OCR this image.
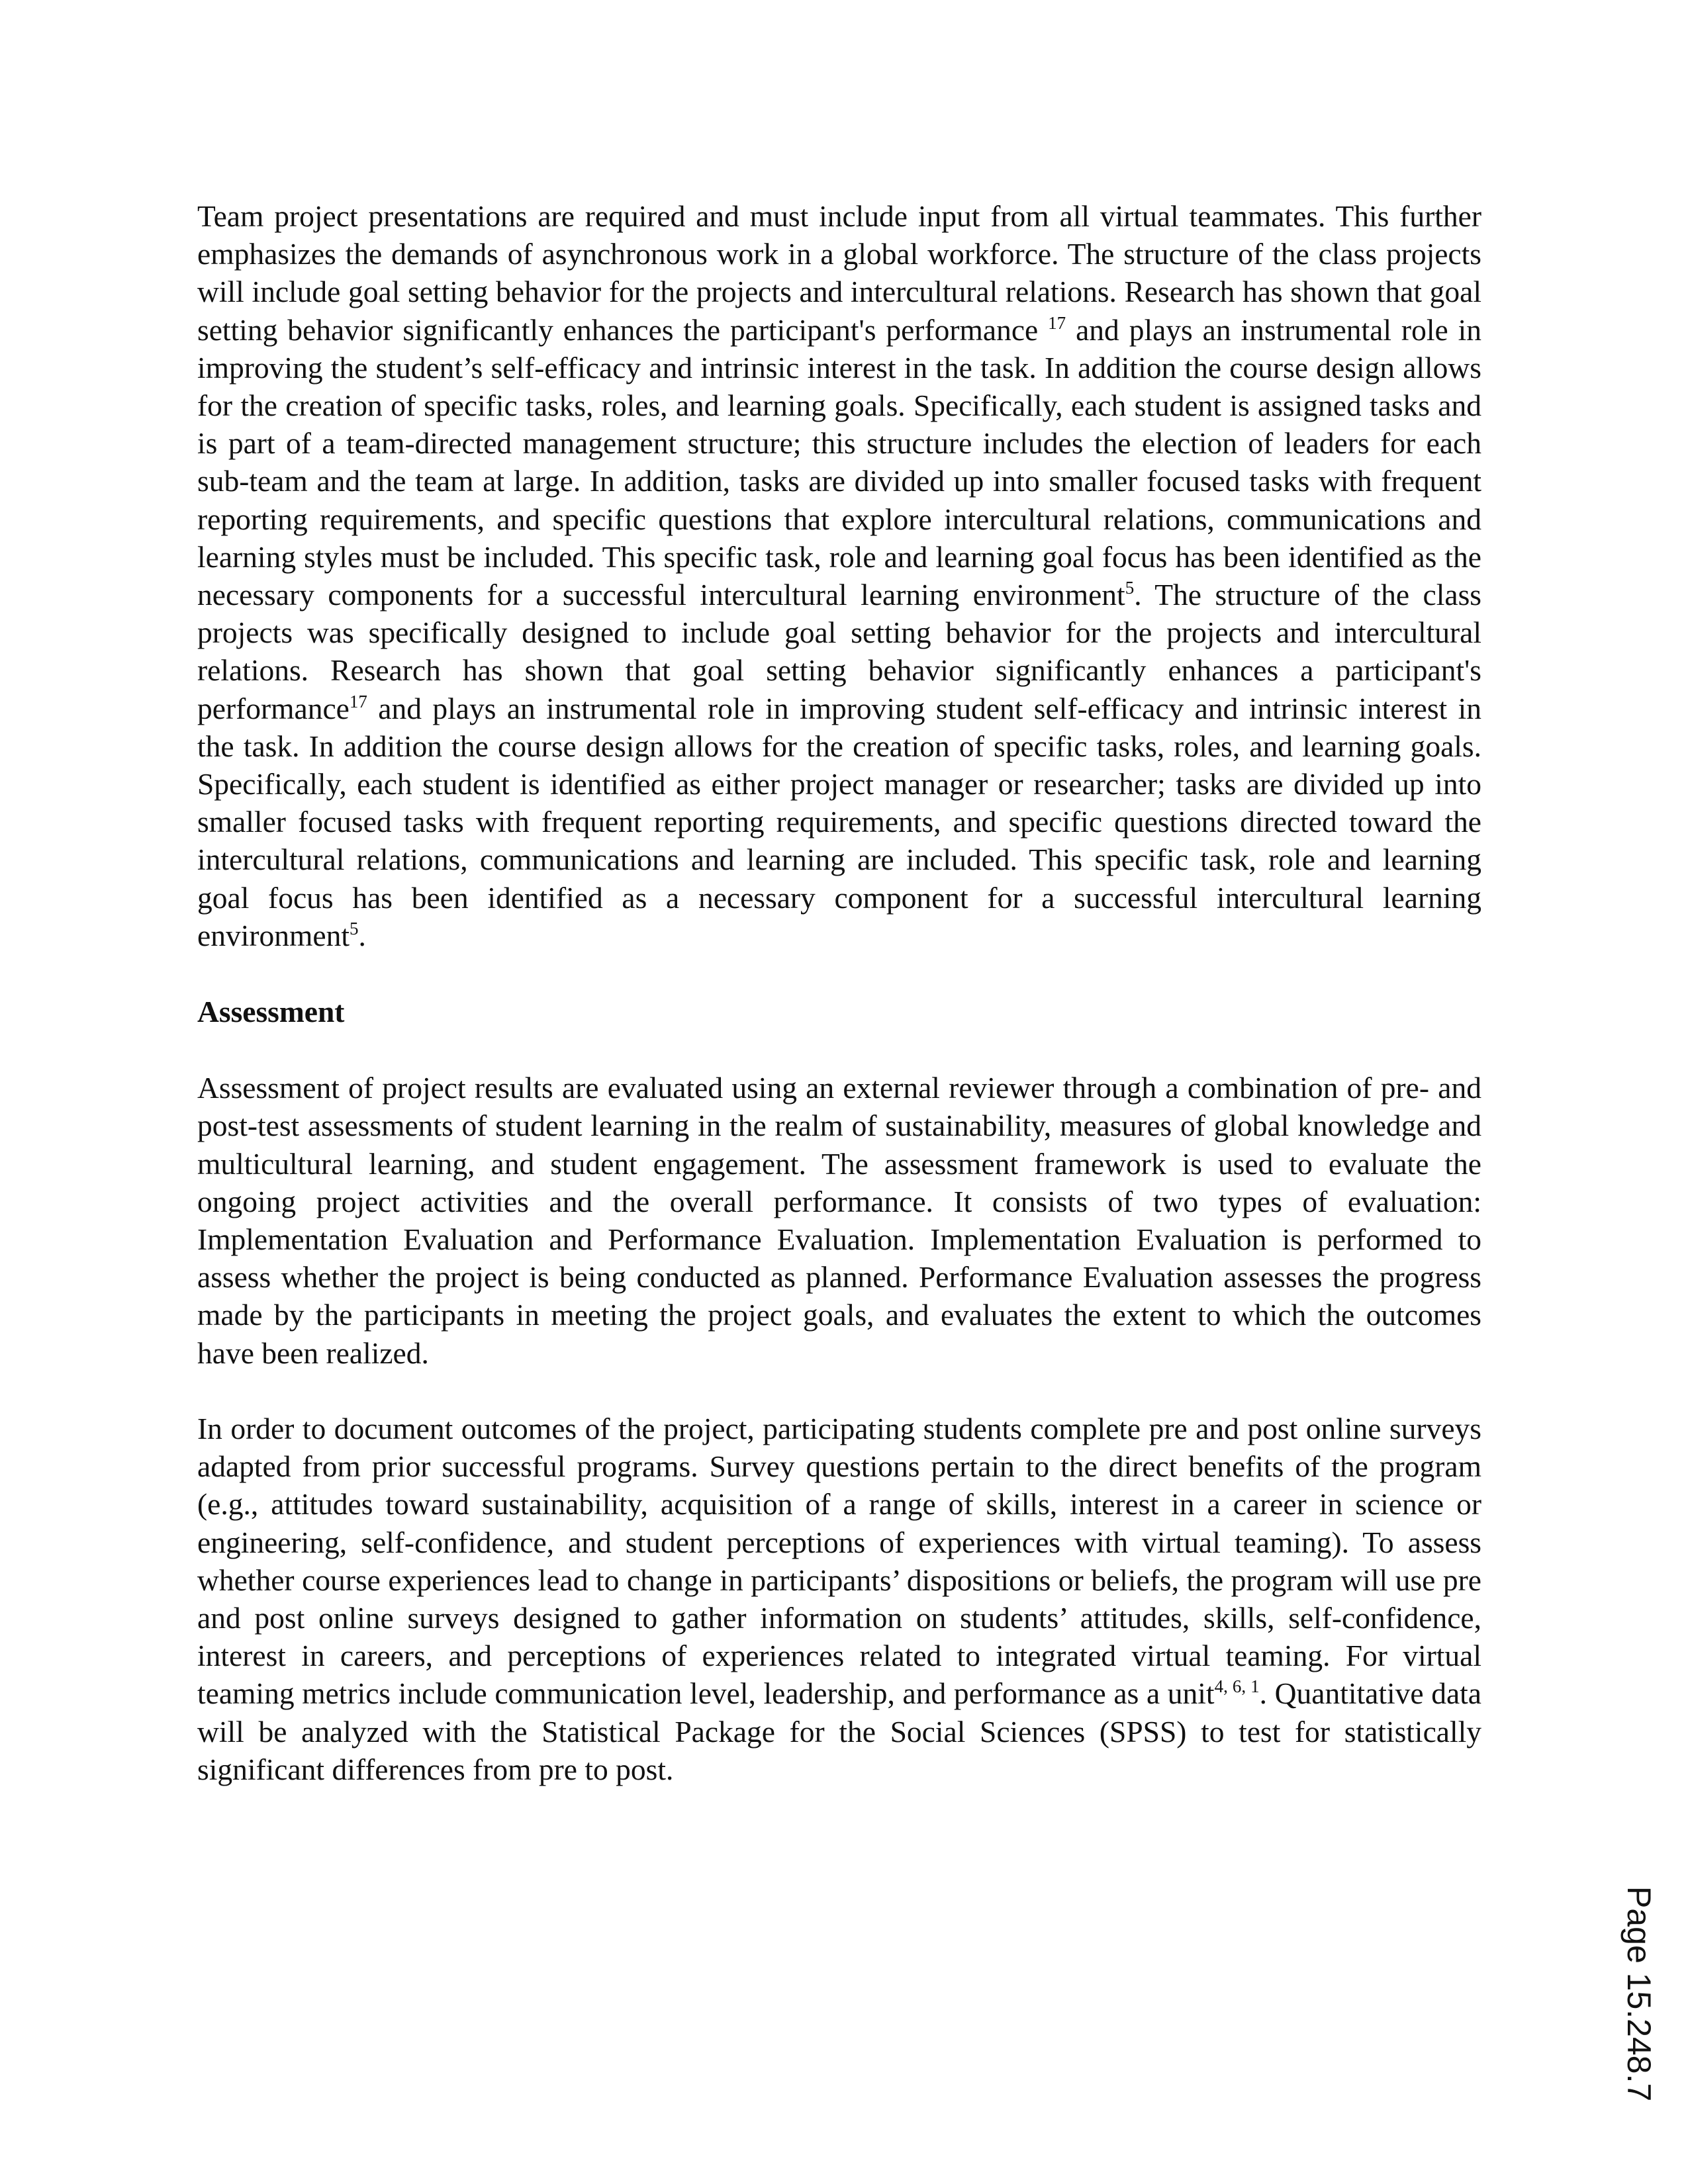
Team project presentations are required and must include input from all virtual teammates. This further emphasizes the demands of asynchronous work in a global workforce. The structure of the class projects will include goal setting behavior for the projects and intercultural relations. Research has shown that goal setting behavior significantly enhances the participant's performance $^{17}$ and plays an instrumental role in improving the student’s self-efficacy and intrinsic interest in the task. In addition the course design allows for the creation of specific tasks, roles, and learning goals. Specifically, each student is assigned tasks and is part of a team-directed management structure; this structure includes the election of leaders for each sub-team and the team at large. In addition, tasks are divided up into smaller focused tasks with frequent reporting requirements, and specific questions that explore intercultural relations, communications and learning styles must be included. This specific task, role and learning goal focus has been identified as the necessary components for a successful intercultural learning environment$^5$. The structure of the class projects was specifically designed to include goal setting behavior for the projects and intercultural relations. Research has shown that goal setting behavior significantly enhances a participant's performance$^{17}$ and plays an instrumental role in improving student self-efficacy and intrinsic interest in the task. In addition the course design allows for the creation of specific tasks, roles, and learning goals. Specifically, each student is identified as either project manager or researcher; tasks are divided up into smaller focused tasks with frequent reporting requirements, and specific questions directed toward the intercultural relations, communications and learning are included. This specific task, role and learning goal focus has been identified as a necessary component for a successful intercultural learning environment$^5$.

Assessment

Assessment of project results are evaluated using an external reviewer through a combination of pre- and post-test assessments of student learning in the realm of sustainability, measures of global knowledge and multicultural learning, and student engagement. The assessment framework is used to evaluate the ongoing project activities and the overall performance. It consists of two types of evaluation: Implementation Evaluation and Performance Evaluation. Implementation Evaluation is performed to assess whether the project is being conducted as planned. Performance Evaluation assesses the progress made by the participants in meeting the project goals, and evaluates the extent to which the outcomes have been realized.

In order to document outcomes of the project, participating students complete pre and post online surveys adapted from prior successful programs. Survey questions pertain to the direct benefits of the program (e.g., attitudes toward sustainability, acquisition of a range of skills, interest in a career in science or engineering, self-confidence, and student perceptions of experiences with virtual teaming). To assess whether course experiences lead to change in participants’ dispositions or beliefs, the program will use pre and post online surveys designed to gather information on students’ attitudes, skills, self-confidence, interest in careers, and perceptions of experiences related to integrated virtual teaming. For virtual teaming metrics include communication level, leadership, and performance as a unit$^{4, 6, 1}$. Quantitative data will be analyzed with the Statistical Package for the Social Sciences (SPSS) to test for statistically significant differences from pre to post.

Page 15.248.7
